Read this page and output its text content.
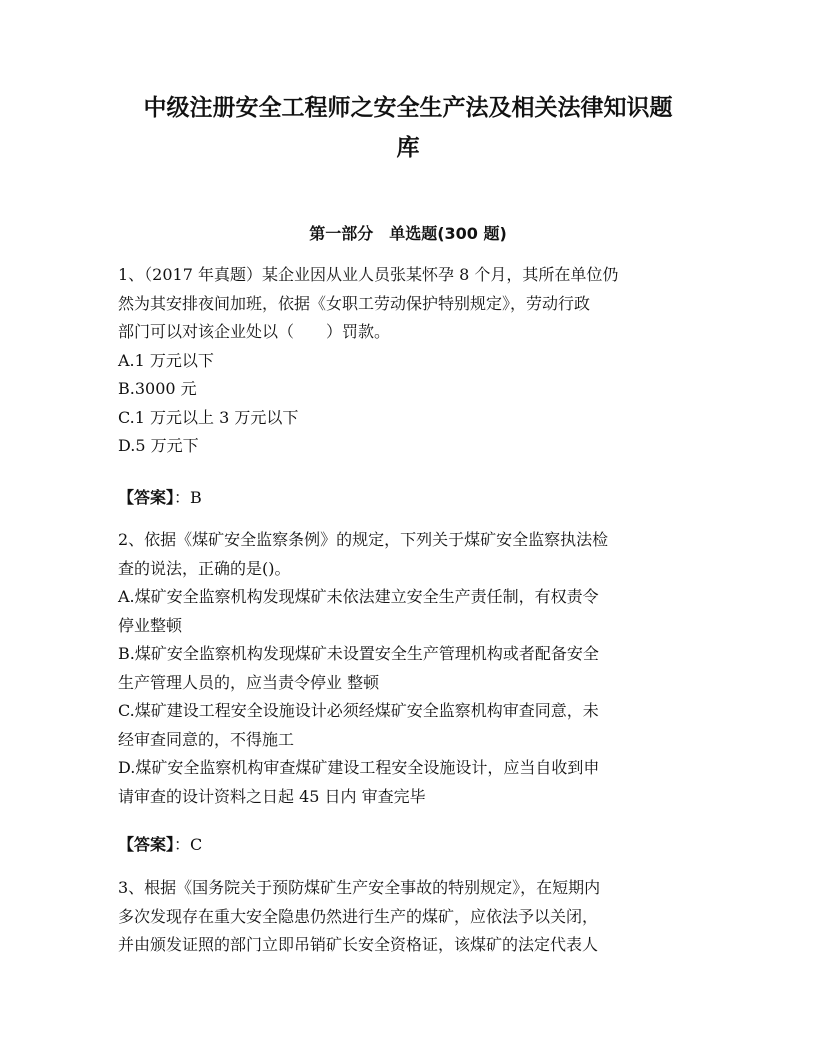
中级注册安全工程师之安全生产法及相关法律知识题
库
第一部分　单选题(300 题)

1、（2017 年真题）某企业因从业人员张某怀孕 8 个月，其所在单位仍

然为其安排夜间加班，依据《女职工劳动保护特别规定》，劳动行政

部门可以对该企业处以（　　）罚款。

A.1 万元以下

B.3000 元

C.1 万元以上 3 万元以下

D.5 万元下

【答案】：B

2、依据《煤矿安全监察条例》的规定，下列关于煤矿安全监察执法检

查的说法，正确的是()。

A.煤矿安全监察机构发现煤矿未依法建立安全生产责任制，有权责令

停业整顿

B.煤矿安全监察机构发现煤矿未设置安全生产管理机构或者配备安全

生产管理人员的，应当责令停业 整顿

C.煤矿建设工程安全设施设计必须经煤矿安全监察机构审查同意，未

经审查同意的，不得施工

D.煤矿安全监察机构审查煤矿建设工程安全设施设计，应当自收到申

请审查的设计资料之日起 45 日内 审查完毕

【答案】：C

3、根据《国务院关于预防煤矿生产安全事故的特别规定》，在短期内

多次发现存在重大安全隐患仍然进行生产的煤矿，应依法予以关闭，

并由颁发证照的部门立即吊销矿长安全资格证，该煤矿的法定代表人
